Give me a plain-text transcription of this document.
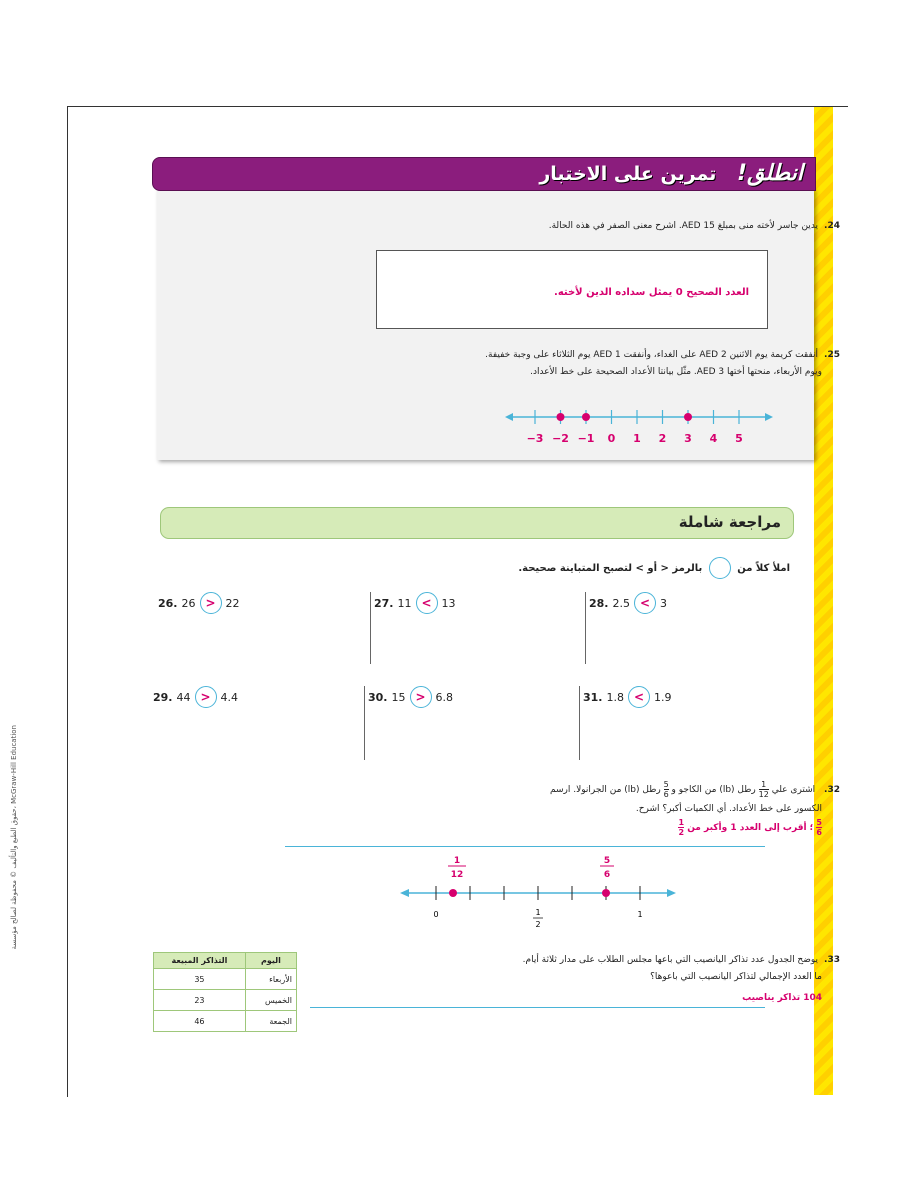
McGraw-Hill Education ،حقوق الطبع والتأليف © محفوظة لصالح مؤسسة
انطلق! تمرين على الاختبار
24.يدين جاسر لأخته منى بمبلغ 15 AED. اشرح معنى الصفر في هذه الحالة.
العدد الصحيح 0 يمثل سداده الدين لأخته.
25.أنفقت كريمة يوم الاثنين 2 AED على الغداء، وأنفقت 1 AED يوم الثلاثاء على وجبة خفيفة.
ويوم الأربعاء، منحتها أختها 3 AED. مثّل بيانتا الأعداد الصحيحة على خط الأعداد.
−3 −2 −1 0 1 2 3 4 5
مراجعة شاملة
املأ كلاً من  بالرمز < أو > لتصبح المتباينة صحيحة.
26. 26 > 22	27. 11 < 13	28. 2.5 < 3
29. 44 > 4.4	30. 15 > 6.8	31. 1.8 < 1.9
32. اشترى علي
$\frac{1}{12}$
رطل (lb) من الكاجو و
$\frac{5}{6}$
رطل (lb) من الجرانولا. ارسم
الكسور على خط الأعداد. أي الكميات أكبر؟ اشرح.
$\frac{5}{6}$
؛ أقرب إلى العدد 1 وأكبر من
$\frac{1}{2}$
1
12
5
6
0	1
1
2
33.يوضح الجدول عدد تذاكر اليانصيب التي باعها مجلس الطلاب على مدار ثلاثة أيام.
ما العدد الإجمالي لتذاكر اليانصيب التي باعوها؟
104 تذاكر يناصيب
اليوم	التذاكر المبيعة
الأربعاء	35
الخميس	23
الجمعة	46
